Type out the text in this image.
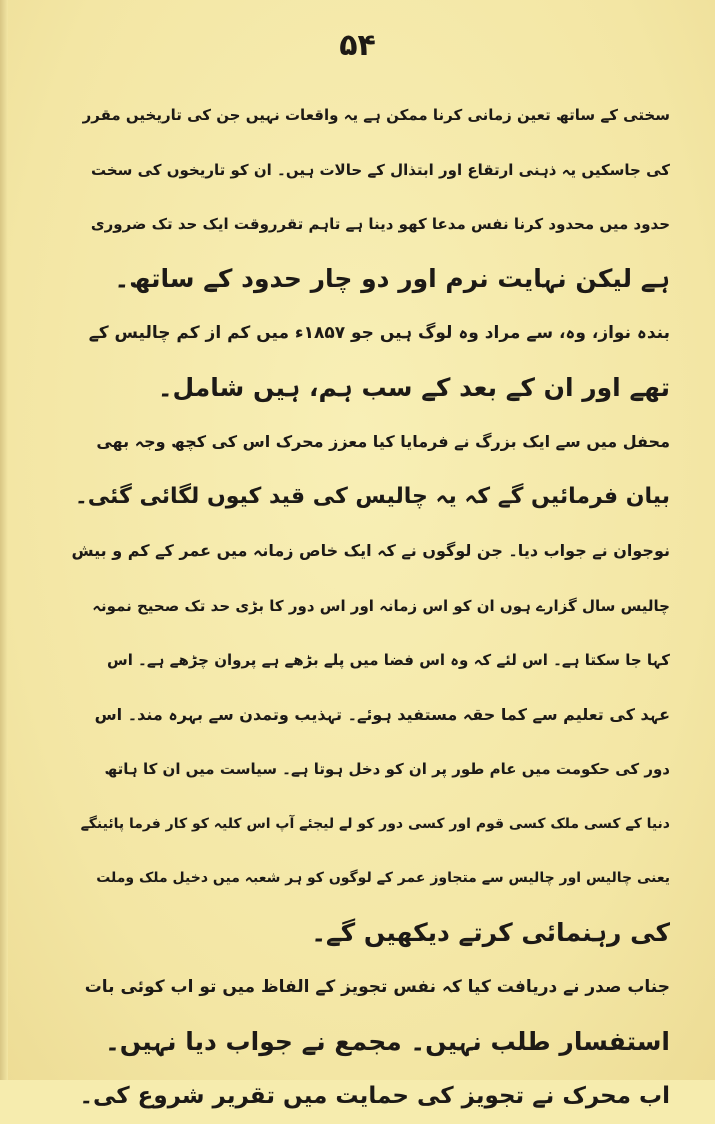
۵۴
سختی کے ساتھ تعین زمانی کرنا ممکن ہے یہ واقعات نہیں جن کی تاریخیں مقرر
کی جاسکیں یہ ذہنی ارتقاع اور ابتذال کے حالات ہیں۔ ان کو تاریخوں کی سخت
حدود میں محدود کرنا نفس مدعا کھو دینا ہے تاہم تقرروقت ایک حد تک ضروری
ہے لیکن نہایت نرم اور دو چار حدود کے ساتھ۔
بندہ نواز، وہ، سے مراد وہ لوگ ہیں جو ۱۸۵۷ء میں کم از کم چالیس کے
تھے اور ان کے بعد کے سب ہم، ہیں شامل۔
محفل میں سے ایک بزرگ نے فرمایا کیا معزز محرک اس کی کچھ وجہ بھی
بیان فرمائیں گے کہ یہ چالیس کی قید کیوں لگائی گئی۔
نوجوان نے جواب دیا۔ جن لوگوں نے کہ ایک خاص زمانہ میں عمر کے کم و بیش
چالیس سال گزارے ہوں ان کو اس زمانہ اور اس دور کا بڑی حد تک صحیح نمونہ
کہا جا سکتا ہے۔ اس لئے کہ وہ اس فضا میں پلے بڑھے ہے پروان چڑھے ہے۔ اس
عہد کی تعلیم سے کما حقہ مستفید ہوئے۔ تہذیب وتمدن سے بہرہ مند۔ اس
دور کی حکومت میں عام طور پر ان کو دخل ہوتا ہے۔ سیاست میں ان کا ہاتھ
دنیا کے کسی ملک کسی قوم اور کسی دور کو لے لیجئے آپ اس کلیہ کو کار فرما پائینگے
یعنی چالیس اور چالیس سے متجاوز عمر کے لوگوں کو ہر شعبہ میں دخیل ملک وملت
کی رہنمائی کرتے دیکھیں گے۔
جناب صدر نے دریافت کیا کہ نفس تجویز کے الفاظ میں تو اب کوئی بات
استفسار طلب نہیں۔ مجمع نے جواب دیا نہیں۔
اب محرک نے تجویز کی حمایت میں تقریر شروع کی۔
